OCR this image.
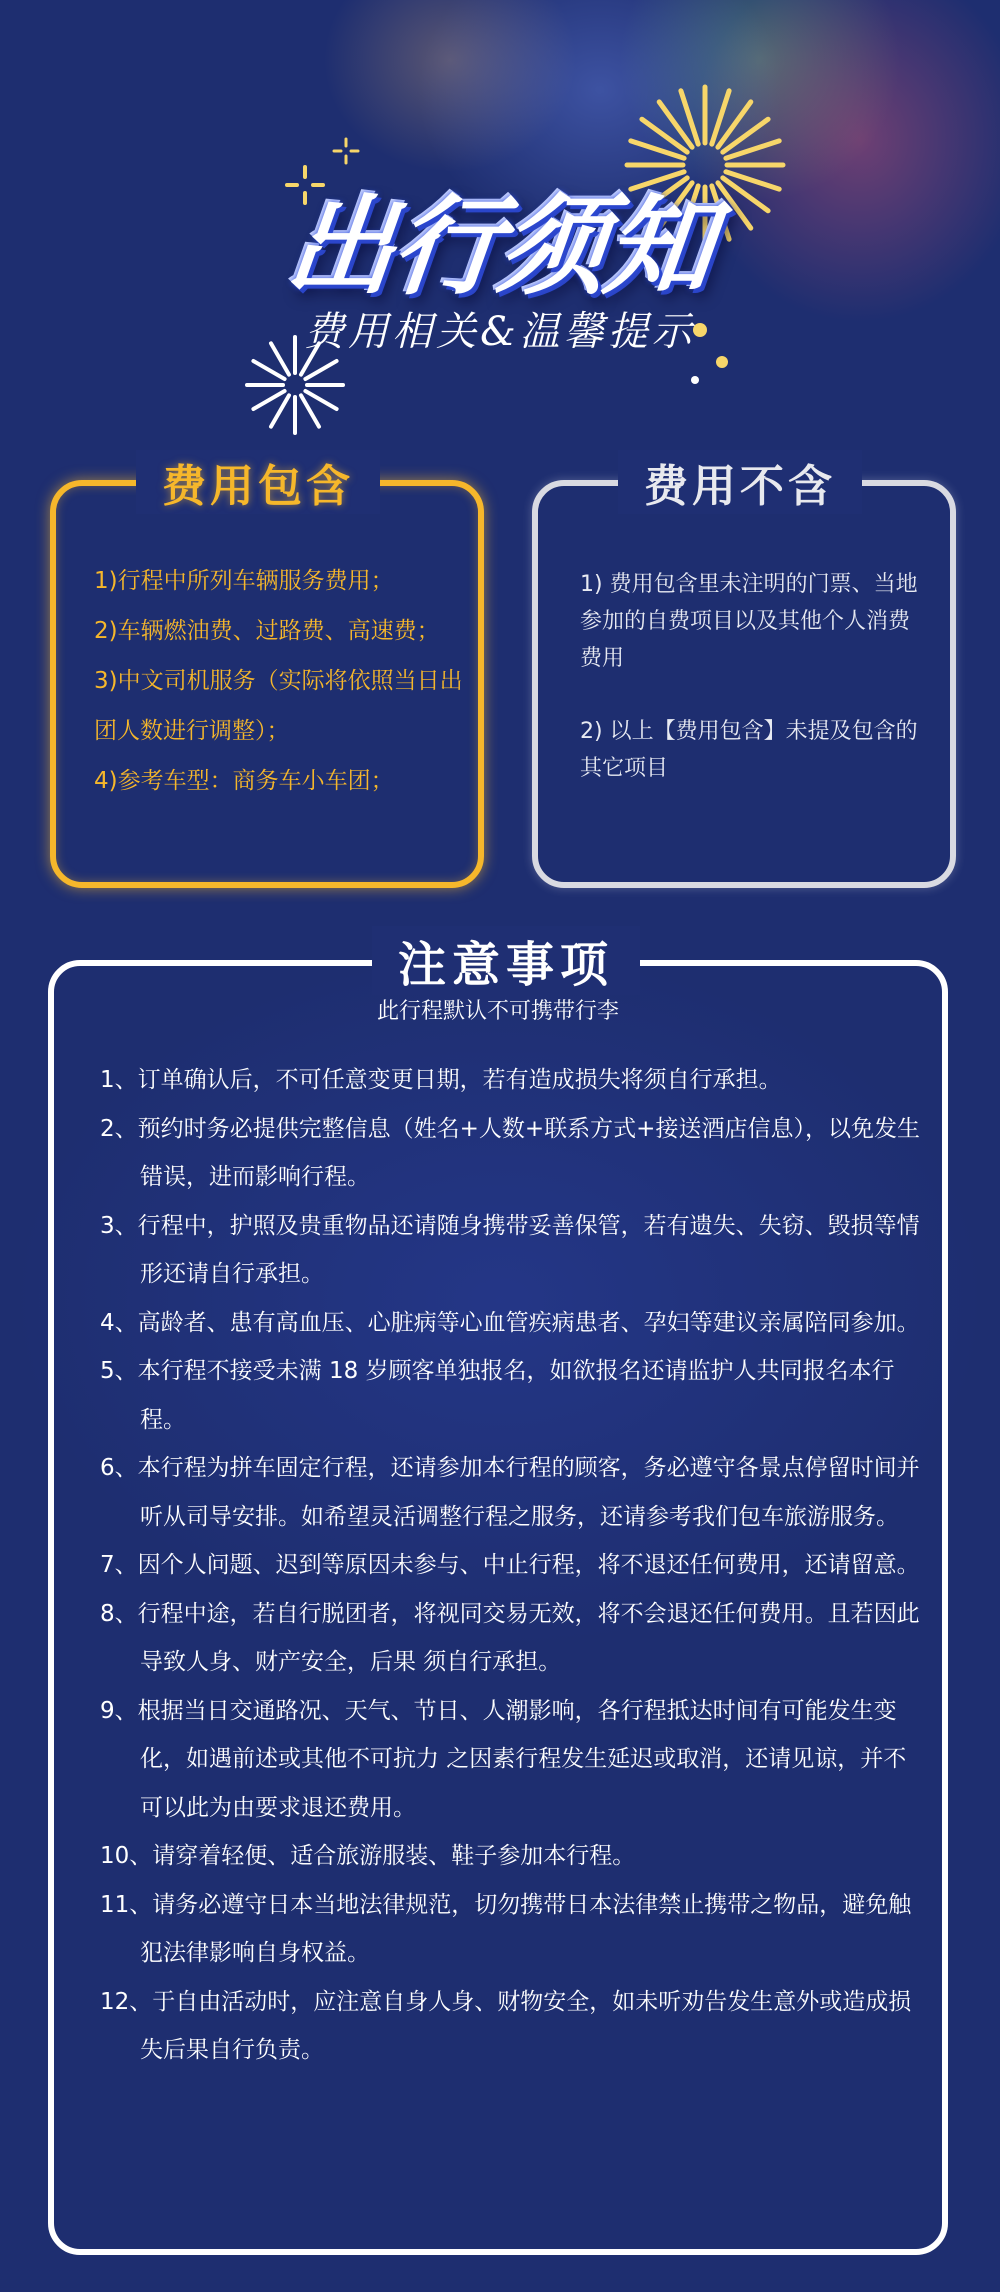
出行须知
费用相关&温馨提示
费用包含
1)行程中所列车辆服务费用；
2)车辆燃油费、过路费、高速费；
3)中文司机服务（实际将依照当日出团人数进行调整）；
4)参考车型：商务车小车团；
费用不含

1) 费用包含里未注明的门票、当地参加的自费项目以及其他个人消费费用

2) 以上【费用包含】未提及包含的其它项目

注意事项
此行程默认不可携带行李
1、订单确认后，不可任意变更日期，若有造成损失将须自行承担。
2、预约时务必提供完整信息（姓名+人数+联系方式+接送酒店信息），以免发生错误，进而影响行程。
3、行程中，护照及贵重物品还请随身携带妥善保管，若有遗失、失窃、毁损等情形还请自行承担。
4、高龄者、患有高血压、心脏病等心血管疾病患者、孕妇等建议亲属陪同参加。
5、本行程不接受未满 18 岁顾客单独报名，如欲报名还请监护人共同报名本行程。
6、本行程为拼车固定行程，还请参加本行程的顾客，务必遵守各景点停留时间并听从司导安排。如希望灵活调整行程之服务，还请参考我们包车旅游服务。
7、因个人问题、迟到等原因未参与、中止行程，将不退还任何费用，还请留意。
8、行程中途，若自行脱团者，将视同交易无效，将不会退还任何费用。且若因此导致人身、财产安全，后果 须自行承担。
9、根据当日交通路况、天气、节日、人潮影响，各行程抵达时间有可能发生变化，如遇前述或其他不可抗力 之因素行程发生延迟或取消，还请见谅，并不可以此为由要求退还费用。
10、请穿着轻便、适合旅游服装、鞋子参加本行程。
11、请务必遵守日本当地法律规范，切勿携带日本法律禁止携带之物品，避免触犯法律影响自身权益。
12、于自由活动时，应注意自身人身、财物安全，如未听劝告发生意外或造成损失后果自行负责。
